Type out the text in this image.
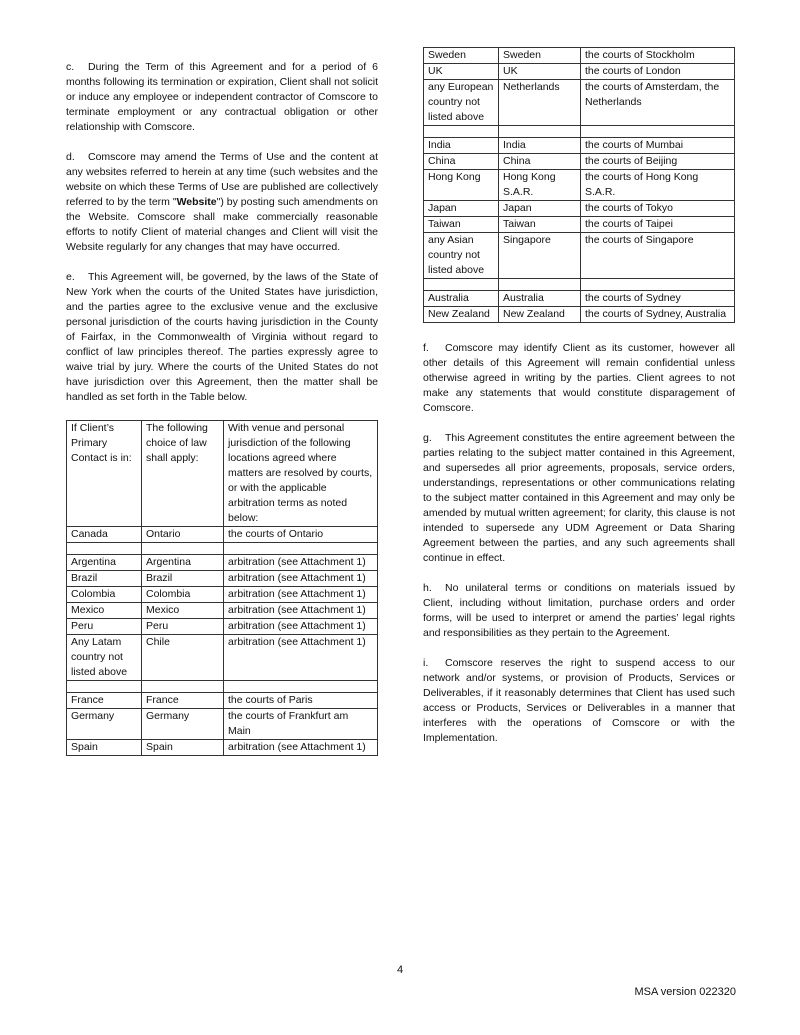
c. During the Term of this Agreement and for a period of 6 months following its termination or expiration, Client shall not solicit or induce any employee or independent contractor of Comscore to terminate employment or any contractual obligation or other relationship with Comscore.

d. Comscore may amend the Terms of Use and the content at any websites referred to herein at any time (such websites and the website on which these Terms of Use are published are collectively referred to by the term "Website") by posting such amendments on the Website. Comscore shall make commercially reasonable efforts to notify Client of material changes and Client will visit the Website regularly for any changes that may have occurred.

e. This Agreement will, be governed, by the laws of the State of New York when the courts of the United States have jurisdiction, and the parties agree to the exclusive venue and the exclusive personal jurisdiction of the courts having jurisdiction in the County of Fairfax, in the Commonwealth of Virginia without regard to conflict of law principles thereof. The parties expressly agree to waive trial by jury. Where the courts of the United States do not have jurisdiction over this Agreement, then the matter shall be handled as set forth in the Table below.

If Client’s Primary Contact is in:	The following choice of law shall apply:	With venue and personal jurisdiction of the following locations agreed where matters are resolved by courts, or with the applicable arbitration terms as noted below:
Canada	Ontario	the courts of Ontario

Argentina	Argentina	arbitration (see Attachment 1)
Brazil	Brazil	arbitration (see Attachment 1)
Colombia	Colombia	arbitration (see Attachment 1)
Mexico	Mexico	arbitration (see Attachment 1)
Peru	Peru	arbitration (see Attachment 1)
Any Latam country not listed above	Chile	arbitration (see Attachment 1)

France	France	the courts of Paris
Germany	Germany	the courts of Frankfurt am Main
Spain	Spain	arbitration (see Attachment 1)
Sweden	Sweden	the courts of Stockholm
UK	UK	the courts of London
any European country not listed above	Netherlands	the courts of Amsterdam, the Netherlands

India	India	the courts of Mumbai
China	China	the courts of Beijing
Hong Kong	Hong Kong S.A.R.	the courts of Hong Kong S.A.R.
Japan	Japan	the courts of Tokyo
Taiwan	Taiwan	the courts of Taipei
any Asian country not listed above	Singapore	the courts of Singapore

Australia	Australia	the courts of Sydney
New Zealand	New Zealand	the courts of Sydney, Australia

f. Comscore may identify Client as its customer, however all other details of this Agreement will remain confidential unless otherwise agreed in writing by the parties. Client agrees to not make any statements that would constitute disparagement of Comscore.

g. This Agreement constitutes the entire agreement between the parties relating to the subject matter contained in this Agreement, and supersedes all prior agreements, proposals, service orders, understandings, representations or other communications relating to the subject matter contained in this Agreement and may only be amended by mutual written agreement; for clarity, this clause is not intended to supersede any UDM Agreement or Data Sharing Agreement between the parties, and any such agreements shall continue in effect.

h. No unilateral terms or conditions on materials issued by Client, including without limitation, purchase orders and order forms, will be used to interpret or amend the parties’ legal rights and responsibilities as they pertain to the Agreement.

i. Comscore reserves the right to suspend access to our network and/or systems, or provision of Products, Services or Deliverables, if it reasonably determines that Client has used such access or Products, Services or Deliverables in a manner that interferes with the operations of Comscore or with the Implementation.

4
MSA version 022320
